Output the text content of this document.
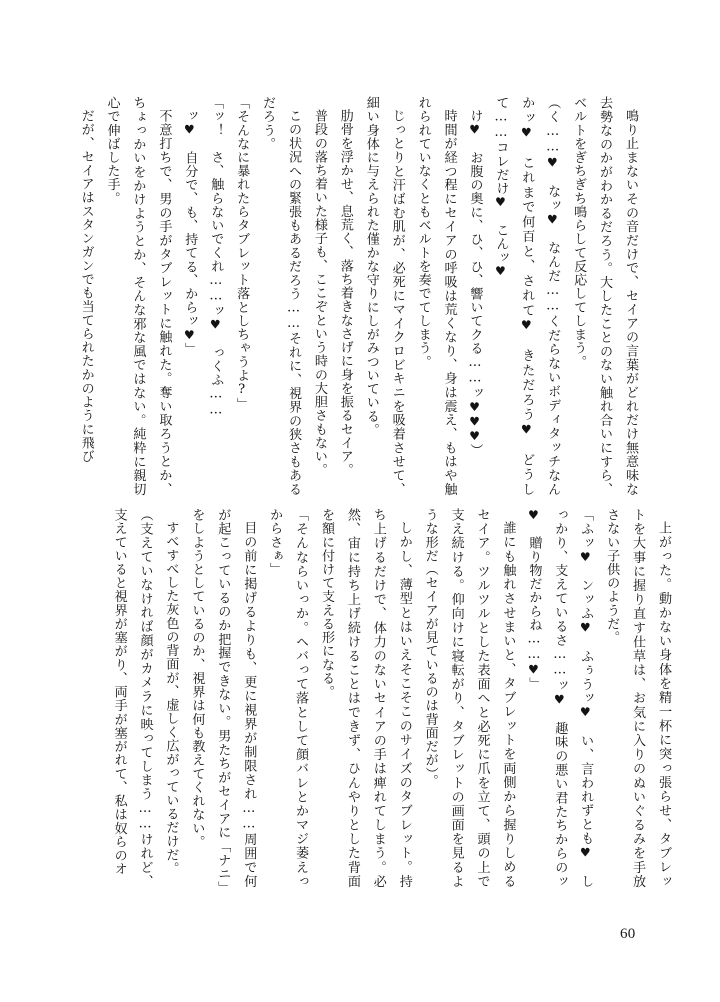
鳴り止まないその音だけで、セイアの言葉がどれだけ無意味な去勢なのかがわかるだろう。大したことのない触れ合いにすら、ベルトをぎちぎち鳴らして反応してしまう。

（く……♥　なッ♥　なんだ……くだらないボディタッチなんかッ♥　これまで何百と、されて♥　きただろう♥　どうして……コレだけ♥　こんッ♥

け♥　お腹の奥に、ひ、ひ、響いてクる……ッ♥♥♥）

時間が経つ程にセイアの呼吸は荒くなり、身は震え、もはや触れられていなくともベルトを奏でてしまう。

じっとりと汗ばむ肌が、必死にマイクロビキニを吸着させて、細い身体に与えられた僅かな守りにしがみついている。

肋骨を浮かせ、息荒く、落ち着きなさげに身を振るセイア。

普段の落ち着いた様子も、ここぞという時の大胆さもない。

この状況への緊張もあるだろう……それに、視界の狭さもあるだろう。

「そんなに暴れたらタブレット落としちゃうよ?」

「ッ！　さ、触らないでくれ……ッ♥　っくふ……

ッ♥　自分で、も、持てる、からッ♥」

不意打ちで、男の手がタブレットに触れた。奪い取ろうとか、ちょっかいをかけようとか、そんな邪な風ではない。純粋に親切心で伸ばした手。

だが、セイアはスタンガンでも当てられたかのように飛び

上がった。動かない身体を精一杯に突っ張らせ、タブレットを大事に握り直す仕草は、お気に入りのぬいぐるみを手放さない子供のようだ。

「ふッ♥　ンッふ♥　ふぅうッ♥　い、言われずとも♥　しっかり、支えているさ……ッ♥　趣味の悪い君たちからのッ♥　贈り物だからね……♥」

誰にも触れさせまいと、タブレットを両側から握りしめるセイア。ツルツルとした表面へと必死に爪を立て、頭の上で支え続ける。仰向けに寝転がり、タブレットの画面を見るような形だ（セイアが見ているのは背面だが）。

しかし、薄型とはいえそこそこのサイズのタブレット。持ち上げるだけで、体力のないセイアの手は痺れてしまう。必然、宙に持ち上げ続けることはできず、ひんやりとした背面を額に付けて支える形になる。

「そんならいっか。ヘバって落として顔バレとかマジ萎えっからさぁ」

目の前に掲げるよりも、更に視界が制限され……周囲で何が起こっているのか把握できない。男たちがセイアに「ナニ」をしようとしているのか、視界は何も教えてくれない。

すべすべした灰色の背面が、虚しく広がっているだけだ。

（支えていなければ顔がカメラに映ってしまう……けれど、支えていると視界が塞がり、両手が塞がれて、私は奴らのオ

60
